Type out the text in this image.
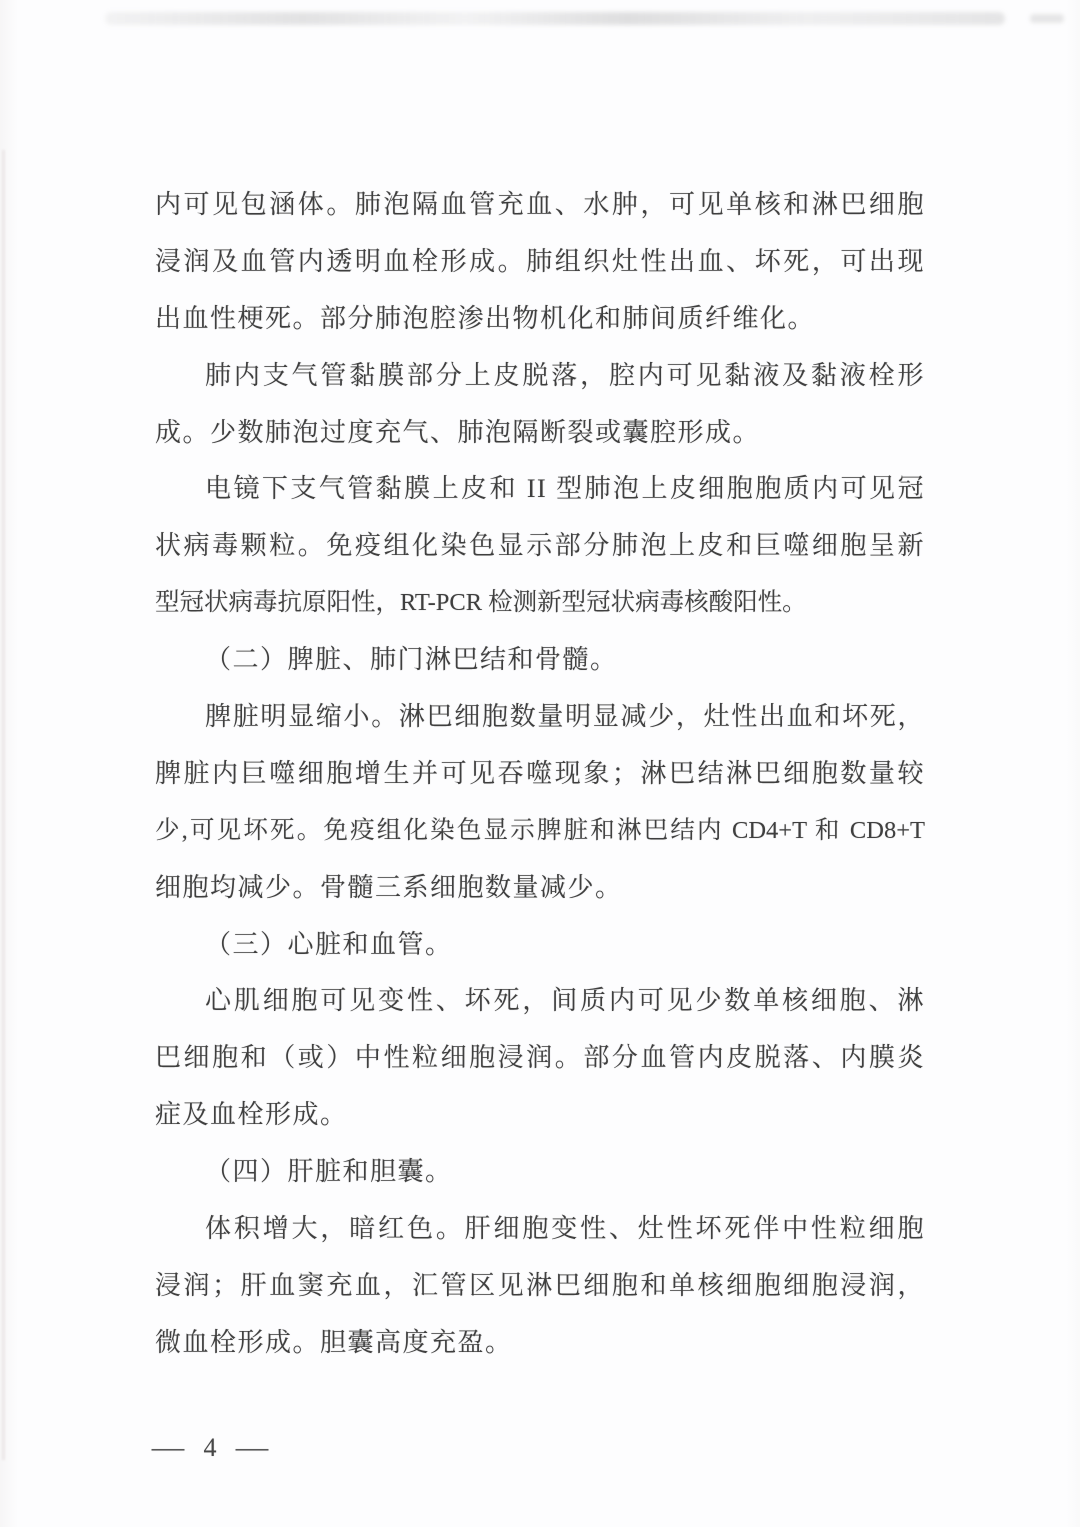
内可见包涵体。肺泡隔血管充血、水肿，可见单核和淋巴细胞
浸润及血管内透明血栓形成。肺组织灶性出血、坏死，可出现
出血性梗死。部分肺泡腔渗出物机化和肺间质纤维化。
肺内支气管黏膜部分上皮脱落，腔内可见黏液及黏液栓形
成。少数肺泡过度充气、肺泡隔断裂或囊腔形成。
电镜下支气管黏膜上皮和 II 型肺泡上皮细胞胞质内可见冠
状病毒颗粒。免疫组化染色显示部分肺泡上皮和巨噬细胞呈新
型冠状病毒抗原阳性，RT-PCR 检测新型冠状病毒核酸阳性。
（二）脾脏、肺门淋巴结和骨髓。
脾脏明显缩小。淋巴细胞数量明显减少，灶性出血和坏死，
脾脏内巨噬细胞增生并可见吞噬现象；淋巴结淋巴细胞数量较
少,可见坏死。免疫组化染色显示脾脏和淋巴结内 CD4+T 和 CD8+T
细胞均减少。骨髓三系细胞数量减少。
（三）心脏和血管。
心肌细胞可见变性、坏死，间质内可见少数单核细胞、淋
巴细胞和（或）中性粒细胞浸润。部分血管内皮脱落、内膜炎
症及血栓形成。
（四）肝脏和胆囊。
体积增大，暗红色。肝细胞变性、灶性坏死伴中性粒细胞
浸润；肝血窦充血，汇管区见淋巴细胞和单核细胞细胞浸润，
微血栓形成。胆囊高度充盈。
— 4 —
